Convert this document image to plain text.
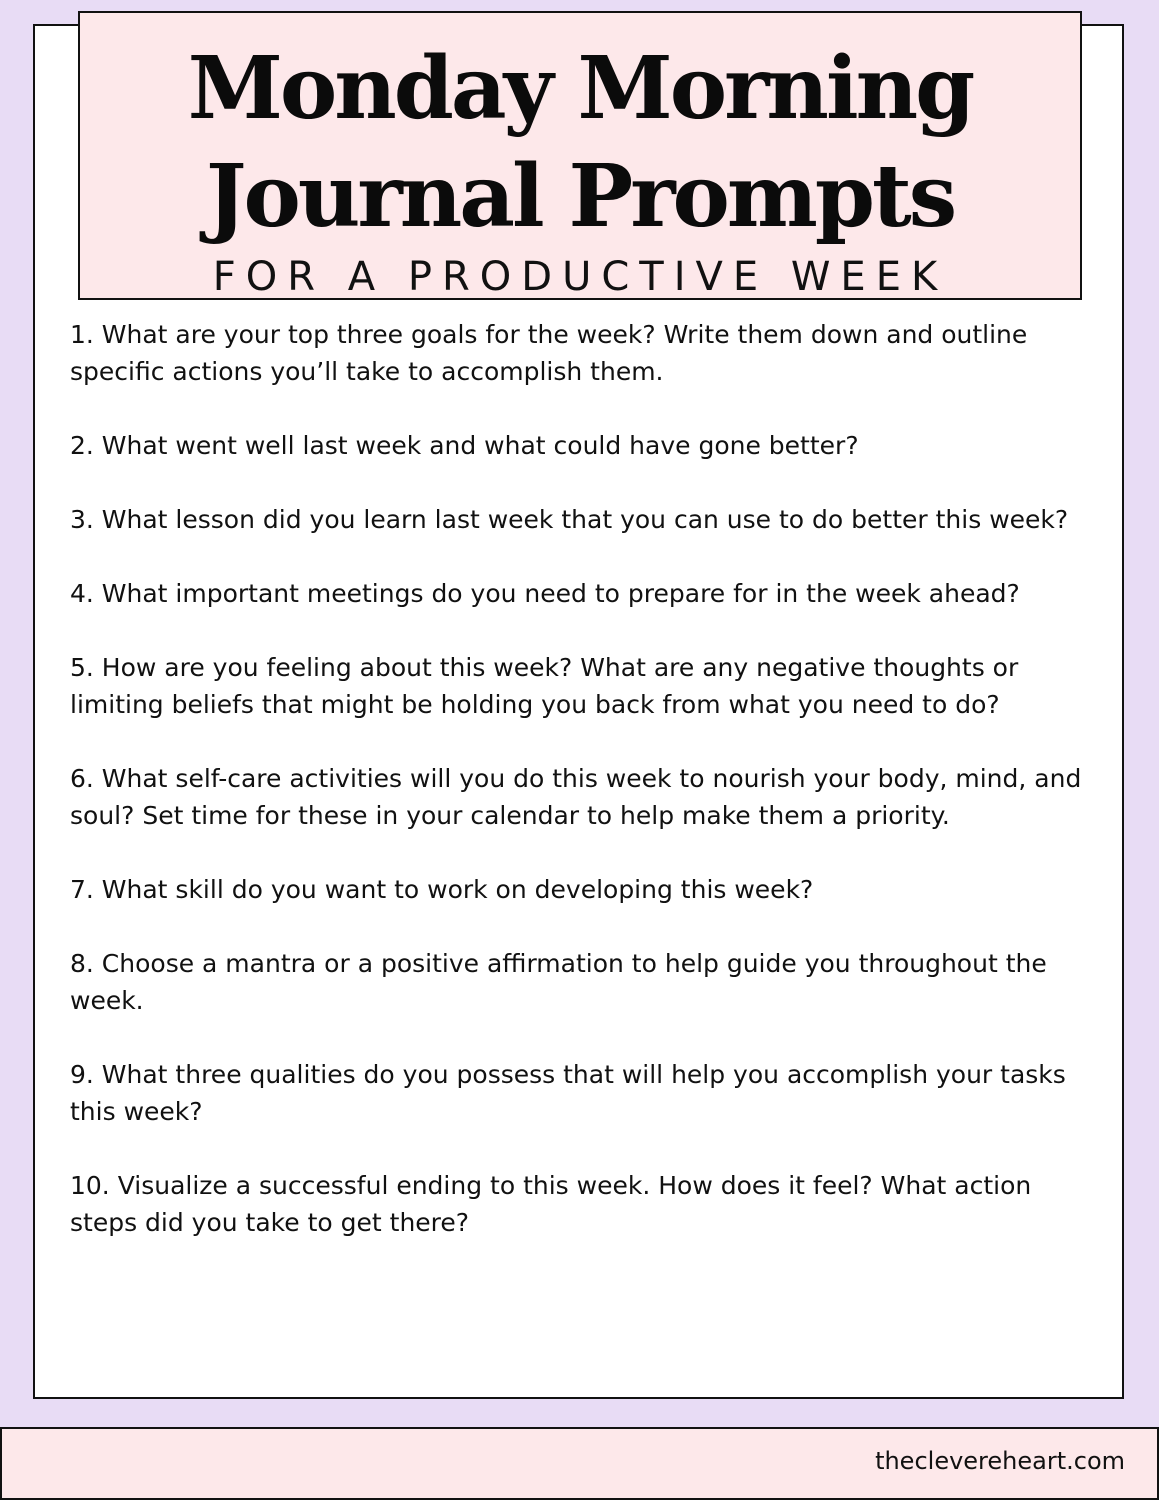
Monday Morning
Journal Prompts

FOR A PRODUCTIVE WEEK

1. What are your top three goals for the week? Write them down and outline specific actions you’ll take to accomplish them.
2. What went well last week and what could have gone better?
3. What lesson did you learn last week that you can use to do better this week?
4. What important meetings do you need to prepare for in the week ahead?
5. How are you feeling about this week? What are any negative thoughts or limiting beliefs that might be holding you back from what you need to do?
6. What self-care activities will you do this week to nourish your body, mind, and soul? Set time for these in your calendar to help make them a priority.
7. What skill do you want to work on developing this week?
8. Choose a mantra or a positive affirmation to help guide you throughout the week.
9. What three qualities do you possess that will help you accomplish your tasks this week?
10. Visualize a successful ending to this week. How does it feel? What action steps did you take to get there?
theclevereheart.com
